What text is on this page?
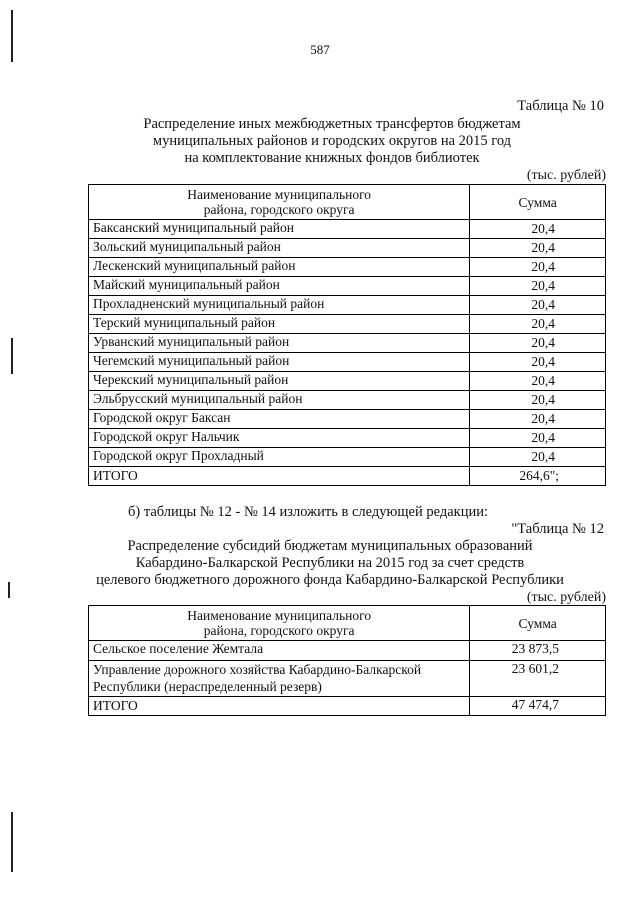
587
Таблица № 10
Распределение иных межбюджетных трансфертов бюджетам
муниципальных районов и городских округов на 2015 год
на комплектование книжных фондов библиотек
(тыс. рублей)
Наименование муниципального района, городского округа	Сумма
Баксанский муниципальный район	20,4
Зольский муниципальный район	20,4
Лескенский муниципальный район	20,4
Майский муниципальный район	20,4
Прохладненский муниципальный район	20,4
Терский муниципальный район	20,4
Урванский муниципальный район	20,4
Чегемский муниципальный район	20,4
Черекский муниципальный район	20,4
Эльбрусский муниципальный район	20,4
Городской округ Баксан	20,4
Городской округ Нальчик	20,4
Городской округ Прохладный	20,4
ИТОГО	264,6";
б) таблицы № 12 - № 14 изложить в следующей редакции:
"Таблица № 12
Распределение субсидий бюджетам муниципальных образований
Кабардино-Балкарской Республики на 2015 год за счет средств
целевого бюджетного дорожного фонда Кабардино-Балкарской Республики
(тыс. рублей)
Наименование муниципального района, городского округа	Сумма
Сельское поселение Жемтала	23 873,5
Управление дорожного хозяйства Кабардино-Балкарской Республики (нераспределенный резерв)	23 601,2
ИТОГО	47 474,7
